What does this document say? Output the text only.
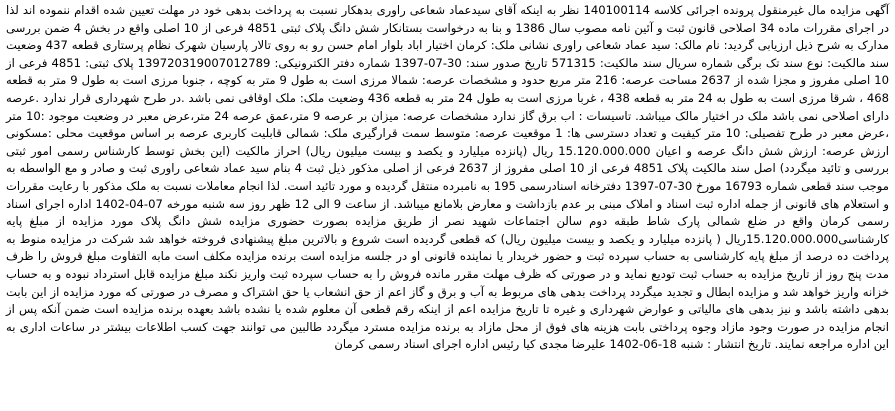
آگهی مزایده مال غیرمنقول پرونده اجرائی کلاسه 140100114 نظر به اینکه آقای سیدعماد شعاعی راوری بدهکار نسبت به پرداخت بدهی خود در مهلت تعیین شده اقدام ننموده اند لذا در اجرای مقررات ماده 34 اصلاحی قانون ثبت و آئین نامه مصوب سال 1386 و بنا به درخواست بستانکار شش دانگ پلاک ثبتی 4851 فرعی از 10 اصلی واقع در بخش 4 ضمن بررسی مدارک به شرح ذیل ارزیابی گردید: نام مالک: سید عماد شعاعی راوری نشانی ملک: کرمان اختیار اباد بلوار امام حسن رو به روی تالار پارسیان شهرک نظام پرستاری قطعه 437 وضعیت سند مالکیت: نوع سند تک برگی شماره سریال سند مالکیت: 571315 تاریخ صدور سند: 30-07-1397 شماره دفتر الکترونیکی: 139720319007012789 پلاک ثبتی: 4851 فرعی از 10 اصلی مفروز و مجزا شده از 2637 مساحت عرصه: 216 متر مربع حدود و مشخصات عرصه: شمالا مرزی است به طول 9 متر به کوچه ، جنوبا مرزی است به طول 9 متر به قطعه 468 ، شرقا مرزی است به طول به 24 متر به قطعه 438 ، غربا مرزی است به طول 24 متر به قطعه 436 وضعیت ملک: ملک اوقافی نمی باشد .در طرح شهرداری قرار ندارد .عرصه دارای اصلاحی نمی باشد ملک در اختیار مالک میباشد. تاسیسات : اب برق گاز ندارد مشخصات عرصه: میزان بر عرصه 9 متر،عمق عرصه 24 متر،عرض معبر در وضعیت موجود :10 متر ،عرض معبر در طرح تفصیلی: 10 متر کیفیت و تعداد دسترسی ها: 1 موقعیت عرصه: متوسط سمت قرارگیری ملک: شمالی قابلیت کاربری عرصه بر اساس موقعیت محلی :مسکونی ارزش عرصه: ارزش شش دانگ عرصه و اعیان 15.120.000.000 ریال (پانزده میلیارد و یکصد و بیست میلیون ریال) احراز مالکیت (این بخش توسط کارشناس رسمی امور ثبتی بررسی و تائید میگردد) اصل سند مالکیت پلاک 4851 فرعی از 10 اصلی مفروز از 2637 فرعی از اصلی مذکور ذیل ثبت 4 بنام سید عماد شعاعی راوری ثبت و صادر و مع الواسطه به موجب سند قطعی شماره 16793 مورخ 30-07-1397 دفترخانه اسنادرسمی 195 به نامبرده منتقل گردیده و مورد تائید است. لذا انجام معاملات نسبت به ملک مذکور با رعایت مقررات و استعلام های قانونی از جمله اداره ثبت اسناد و املاک مبنی بر عدم بازداشت و معارض بلامانع میباشد. از ساعت 9 الی 12 ظهر روز سه شنبه مورخه 07-04-1402 اداره اجرای اسناد رسمی کرمان واقع در ضلع شمالی پارک شاط طبقه دوم سالن اجتماعات شهید نصر از طریق مزایده بصورت حضوری مزایده شش دانگ پلاک مورد مزایده از مبلغ پایه کارشناسی15.120.000.000ریال ( پانزده میلیارد و یکصد و بیست میلیون ریال) که قطعی گردیده است شروع و بالاترین مبلغ پیشنهادی فروخته خواهد شد شرکت در مزایده منوط به پرداخت ده درصد از مبلغ پایه کارشناسی به حساب سپرده ثبت و حضور خریدار یا نماینده قانونی او در جلسه مزایده است برنده مزایده مکلف است مابه التفاوت مبلغ فروش را ظرف مدت پنج روز از تاریخ مزایده به حساب ثبت تودیع نماید و در صورتی که ظرف مهلت مقرر مانده فروش را به حساب سپرده ثبت واریز نکند مبلغ مزایده قابل استرداد نبوده و به حساب خزانه واریز خواهد شد و مزایده ابطال و تجدید میگردد پرداخت بدهی های مربوط به آب و برق و گاز اعم از حق انشعاب یا حق اشتراک و مصرف در صورتی که مورد مزایده از این بابت بدهی داشته باشد و نیز بدهی های مالیاتی و عوارض شهرداری و غیره تا تاریخ مزایده اعم از اینکه رقم قطعی آن معلوم شده یا نشده باشد بعهده برنده مزایده است ضمن آنکه پس از انجام مزایده در صورت وجود مازاد وجوه پرداختی بابت هزینه های فوق از محل مازاد به برنده مزایده مسترد میگردد طالبین می توانند جهت کسب اطلاعات بیشتر در ساعات اداری به این اداره مراجعه نمایند. تاریخ انتشار : شنبه 18-06-1402 علیرضا مجدی کیا رئیس اداره اجرای اسناد رسمی کرمان
